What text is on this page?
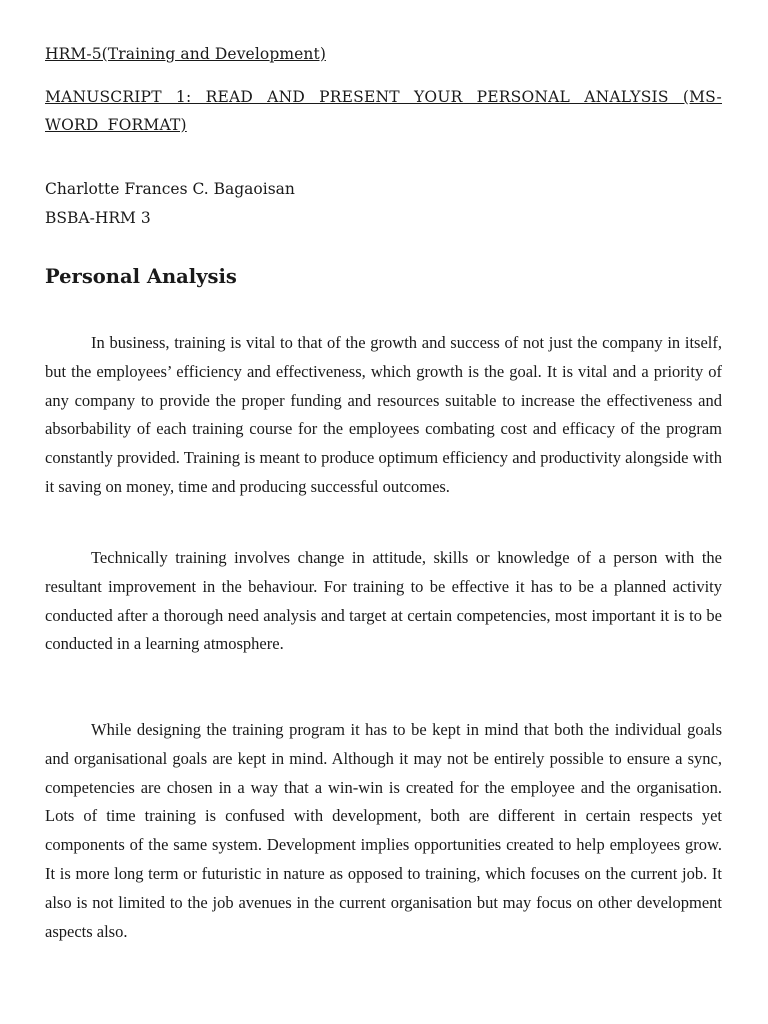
HRM-5(Training and Development)
MANUSCRIPT 1: READ AND PRESENT YOUR PERSONAL ANALYSIS (MS-WORD FORMAT)
Charlotte Frances C. Bagaoisan
BSBA-HRM 3
Personal Analysis

In business, training is vital to that of the growth and success of not just the company in itself, but the employees’ efficiency and effectiveness, which growth is the goal. It is vital and a priority of any company to provide the proper funding and resources suitable to increase the effectiveness and absorbability of each training course for the employees combating cost and efficacy of the program constantly provided. Training is meant to produce optimum efficiency and productivity alongside with it saving on money, time and producing successful outcomes.

Technically training involves change in attitude, skills or knowledge of a person with the resultant improvement in the behaviour. For training to be effective it has to be a planned activity conducted after a thorough need analysis and target at certain competencies, most important it is to be conducted in a learning atmosphere.

While designing the training program it has to be kept in mind that both the individual goals and organisational goals are kept in mind. Although it may not be entirely possible to ensure a sync, competencies are chosen in a way that a win-win is created for the employee and the organisation. Lots of time training is confused with development, both are different in certain respects yet components of the same system. Development implies opportunities created to help employees grow. It is more long term or futuristic in nature as opposed to training, which focuses on the current job. It also is not limited to the job avenues in the current organisation but may focus on other development aspects also.
